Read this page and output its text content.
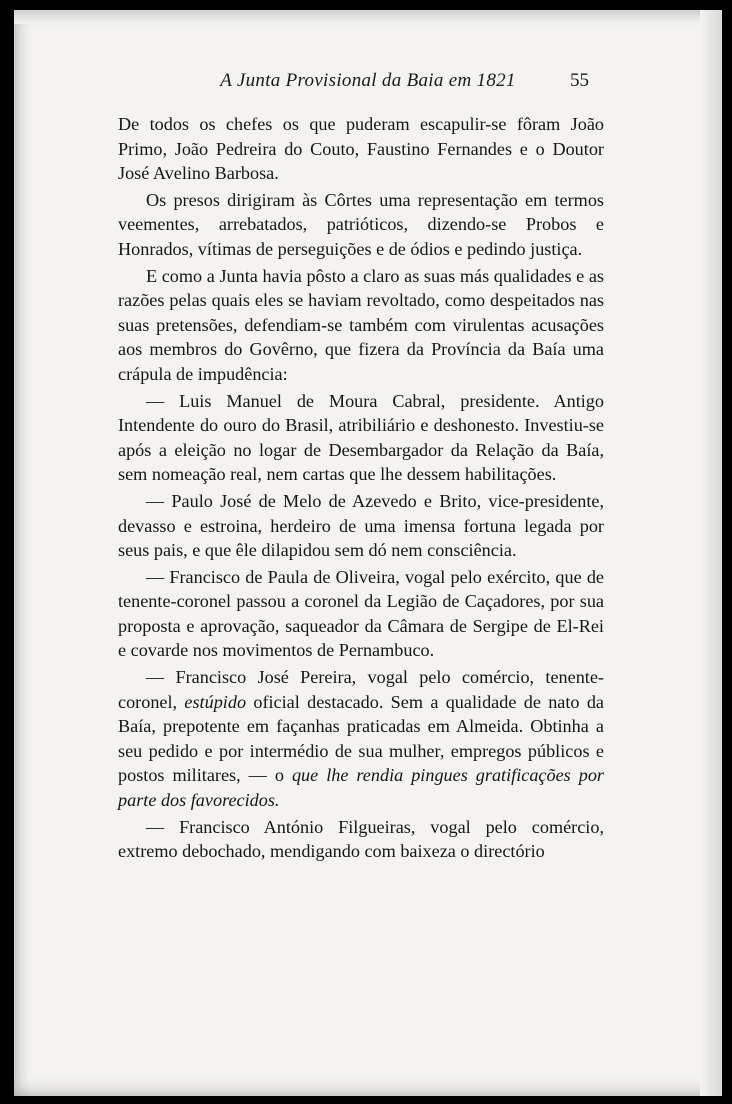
A Junta Provisional da Baia em 1821	55

De todos os chefes os que puderam escapulir-se fôram João Primo, João Pedreira do Couto, Faustino Fernandes e o Doutor José Avelino Barbosa.

Os presos dirigiram às Côrtes uma representação em termos veementes, arrebatados, patrióticos, dizendo-se Probos e Honrados, vítimas de perseguições e de ódios e pedindo justiça.

E como a Junta havia pôsto a claro as suas más qualidades e as razões pelas quais eles se haviam revoltado, como despeitados nas suas pretensões, defendiam-se também com virulentas acusações aos membros do Govêrno, que fizera da Província da Baía uma crápula de impudência:

— Luis Manuel de Moura Cabral, presidente. Antigo Intendente do ouro do Brasil, atribiliário e deshonesto. Investiu-se após a eleição no logar de Desembargador da Relação da Baía, sem nomeação real, nem cartas que lhe dessem habilitações.

— Paulo José de Melo de Azevedo e Brito, vice-presidente, devasso e estroina, herdeiro de uma imensa fortuna legada por seus pais, e que êle dilapidou sem dó nem consciência.

— Francisco de Paula de Oliveira, vogal pelo exército, que de tenente-coronel passou a coronel da Legião de Caçadores, por sua proposta e aprovação, saqueador da Câmara de Sergipe de El-Rei e covarde nos movimentos de Pernambuco.

— Francisco José Pereira, vogal pelo comércio, tenente-coronel, estúpido oficial destacado. Sem a qualidade de nato da Baía, prepotente em façanhas praticadas em Almeida. Obtinha a seu pedido e por intermédio de sua mulher, empregos públicos e postos militares, — o que lhe rendia pingues gratificações por parte dos favorecidos.

— Francisco António Filgueiras, vogal pelo comércio, extremo debochado, mendigando com baixeza o directório
